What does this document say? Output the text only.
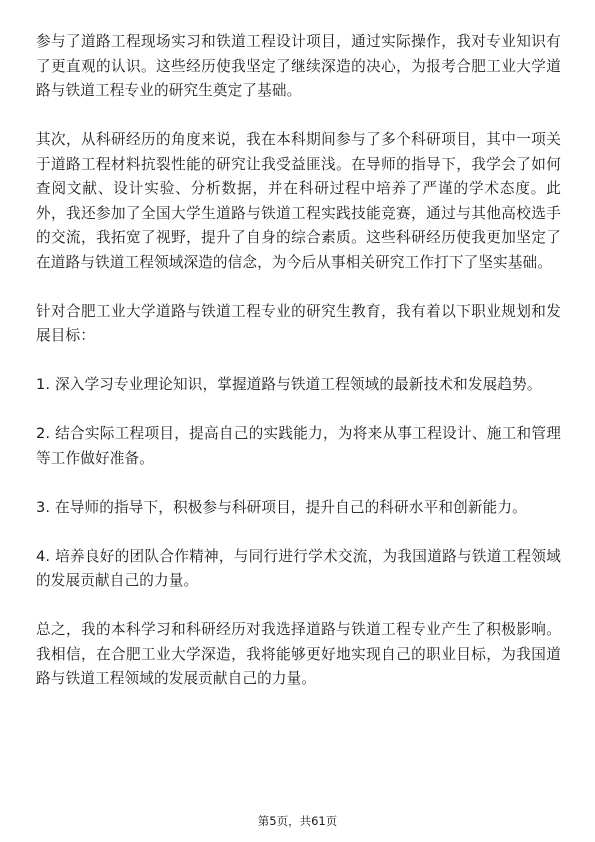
参与了道路工程现场实习和铁道工程设计项目，通过实际操作，我对专业知识有了更直观的认识。这些经历使我坚定了继续深造的决心，为报考合肥工业大学道路与铁道工程专业的研究生奠定了基础。

其次，从科研经历的角度来说，我在本科期间参与了多个科研项目，其中一项关于道路工程材料抗裂性能的研究让我受益匪浅。在导师的指导下，我学会了如何查阅文献、设计实验、分析数据，并在科研过程中培养了严谨的学术态度。此外，我还参加了全国大学生道路与铁道工程实践技能竞赛，通过与其他高校选手的交流，我拓宽了视野，提升了自身的综合素质。这些科研经历使我更加坚定了在道路与铁道工程领域深造的信念，为今后从事相关研究工作打下了坚实基础。

针对合肥工业大学道路与铁道工程专业的研究生教育，我有着以下职业规划和发展目标：

1. 深入学习专业理论知识，掌握道路与铁道工程领域的最新技术和发展趋势。

2. 结合实际工程项目，提高自己的实践能力，为将来从事工程设计、施工和管理等工作做好准备。

3. 在导师的指导下，积极参与科研项目，提升自己的科研水平和创新能力。

4. 培养良好的团队合作精神，与同行进行学术交流，为我国道路与铁道工程领域的发展贡献自己的力量。

总之，我的本科学习和科研经历对我选择道路与铁道工程专业产生了积极影响。我相信，在合肥工业大学深造，我将能够更好地实现自己的职业目标，为我国道路与铁道工程领域的发展贡献自己的力量。

第5页，共61页
